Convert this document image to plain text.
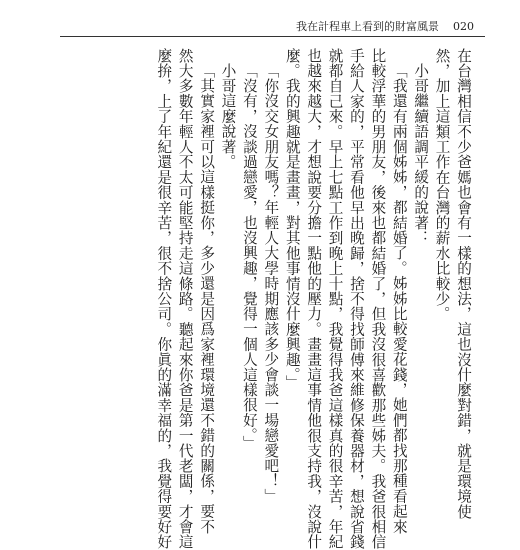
我在計程車上看到的財富風景 020
在台灣相信不少爸媽也會有一樣的想法，這也沒什麼對錯，就是環境使
然，加上這類工作在台灣的薪水比較少。
小哥繼續語調平緩的說著：
「我還有兩個姊姊，都結婚了。姊姊比較愛花錢，她們都找那種看起來
比較浮華的男朋友，後來也都結婚了，但我沒很喜歡那些姊夫。我爸很相信
手給人家的，平常看他早出晚歸，捨不得找師傅來維修保養器材，想說省錢
就都自己來。早上七點工作到晚上十點，我覺得我爸這樣真的很辛苦，年紀
也越來越大，才想說要分擔一點他的壓力。畫畫這事情他很支持我，沒說什
麼。我的興趣就是畫畫，對其他事情沒什麼興趣。」
「你沒交女朋友嗎？年輕人大學時期應該多少會談一場戀愛吧！」
「沒有，沒談過戀愛，也沒興趣，覺得一個人這樣很好。」
小哥這麼說著。
「其實家裡可以這樣挺你，多少還是因爲家裡環境還不錯的關係，要不
然大多數年輕人不太可能堅持走這條路。聽起來你爸是第一代老闆，才會這
麼拚，上了年紀還是很辛苦，很不捨公司。你眞的滿幸福的，我覺得要好好
